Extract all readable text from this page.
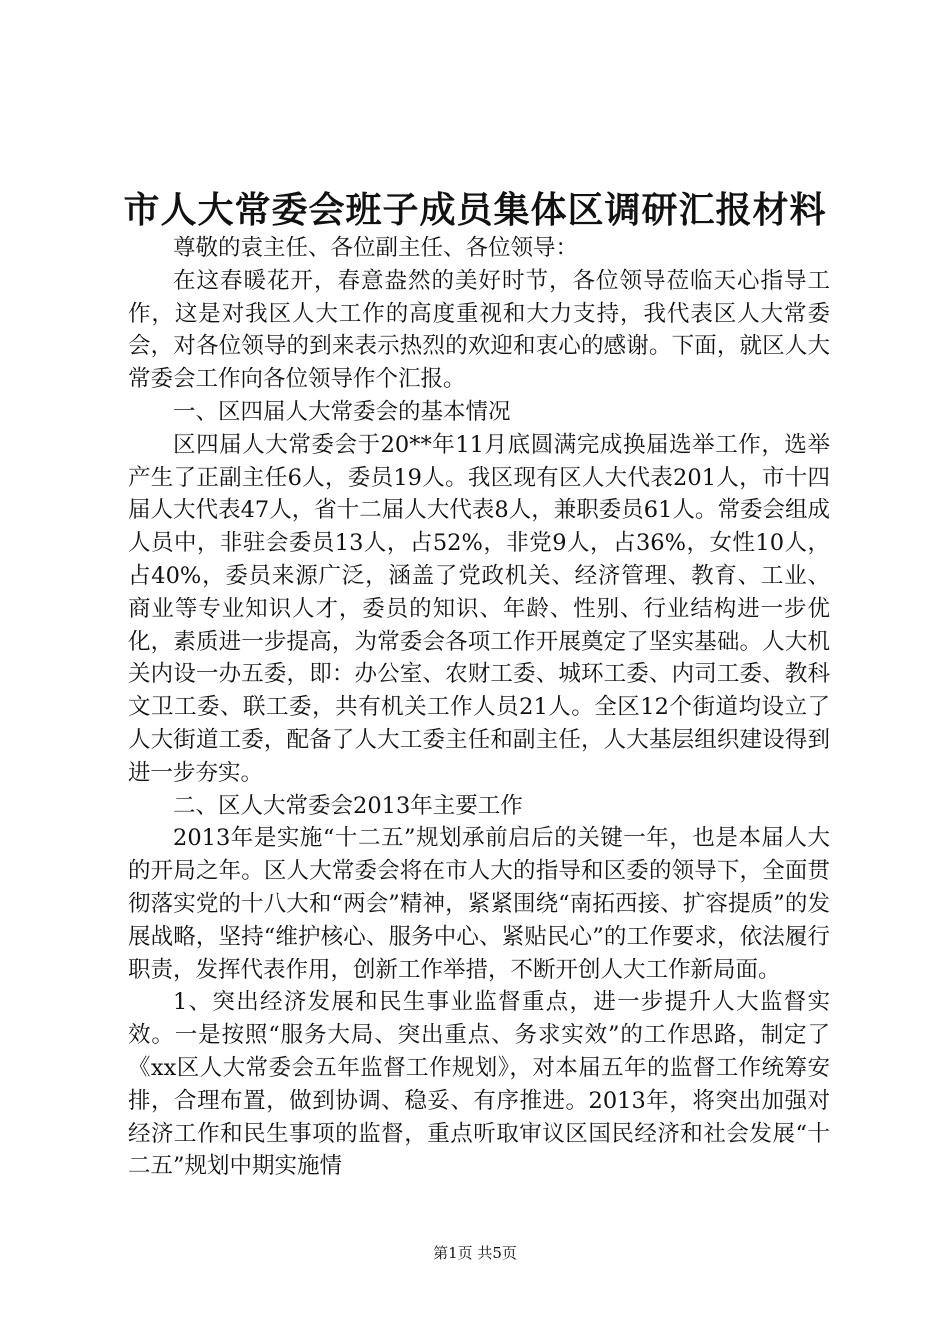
市人大常委会班子成员集体区调研汇报材料

尊敬的袁主任、各位副主任、各位领导：

在这春暖花开，春意盎然的美好时节，各位领导莅临天心指导工作，这是对我区人大工作的高度重视和大力支持，我代表区人大常委会，对各位领导的到来表示热烈的欢迎和衷心的感谢。下面，就区人大常委会工作向各位领导作个汇报。

一、区四届人大常委会的基本情况

区四届人大常委会于20**年11月底圆满完成换届选举工作，选举产生了正副主任6人，委员19人。我区现有区人大代表201人，市十四届人大代表47人，省十二届人大代表8人，兼职委员61人。常委会组成人员中，非驻会委员13人，占52%，非党9人，占36%，女性10人，占40%，委员来源广泛，涵盖了党政机关、经济管理、教育、工业、商业等专业知识人才，委员的知识、年龄、性别、行业结构进一步优化，素质进一步提高，为常委会各项工作开展奠定了坚实基础。人大机关内设一办五委，即：办公室、农财工委、城环工委、内司工委、教科文卫工委、联工委，共有机关工作人员21人。全区12个街道均设立了人大街道工委，配备了人大工委主任和副主任，人大基层组织建设得到进一步夯实。

二、区人大常委会2013年主要工作

2013年是实施“十二五”规划承前启后的关键一年，也是本届人大的开局之年。区人大常委会将在市人大的指导和区委的领导下，全面贯彻落实党的十八大和“两会”精神，紧紧围绕“南拓西接、扩容提质”的发展战略，坚持“维护核心、服务中心、紧贴民心”的工作要求，依法履行职责，发挥代表作用，创新工作举措，不断开创人大工作新局面。

1、突出经济发展和民生事业监督重点，进一步提升人大监督实效。一是按照“服务大局、突出重点、务求实效”的工作思路，制定了《xx区人大常委会五年监督工作规划》，对本届五年的监督工作统筹安排，合理布置，做到协调、稳妥、有序推进。2013年，将突出加强对经济工作和民生事项的监督，重点听取审议区国民经济和社会发展“十二五”规划中期实施情

第1页 共5页
